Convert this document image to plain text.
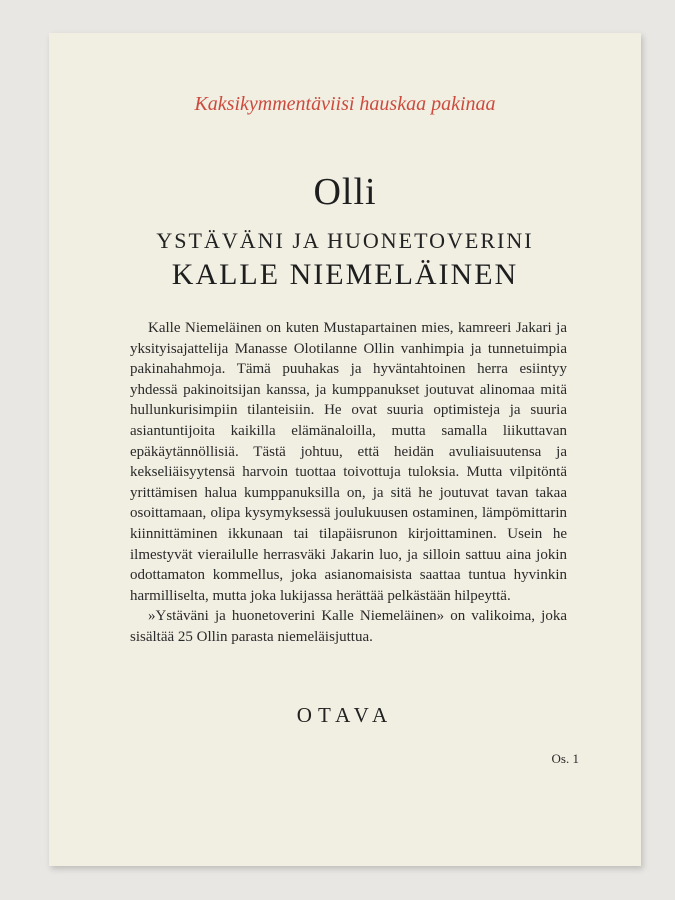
Kaksikymmentäviisi hauskaa pakinaa
Olli
YSTÄVÄNI JA HUONETOVERINI
KALLE NIEMELÄINEN

Kalle Niemeläinen on kuten Mustapartainen mies, kamreeri Jakari ja yksityisajattelija Manasse Olotilanne Ollin vanhimpia ja tunnetuimpia pakinahahmoja. Tämä puuhakas ja hyväntahtoinen herra esiintyy yhdessä pakinoitsijan kanssa, ja kumppanukset joutuvat alinomaa mitä hullunkurisimpiin tilanteisiin. He ovat suuria optimisteja ja suuria asiantuntijoita kaikilla elämänaloilla, mutta samalla liikuttavan epäkäytännöllisiä. Tästä johtuu, että heidän avuliaisuutensa ja kekseliäisyytensä harvoin tuottaa toivottuja tuloksia. Mutta vilpitöntä yrittämisen halua kumppanuksilla on, ja sitä he joutuvat tavan takaa osoittamaan, olipa kysymyksessä joulukuusen ostaminen, lämpömittarin kiinnittäminen ikkunaan tai tilapäisrunon kirjoittaminen. Usein he ilmestyvät vierailulle herrasväki Jakarin luo, ja silloin sattuu aina jokin odottamaton kommellus, joka asianomaisista saattaa tuntua hyvinkin harmilliselta, mutta joka lukijassa herättää pelkästään hilpeyttä.

»Ystäväni ja huonetoverini Kalle Niemeläinen» on valikoima, joka sisältää 25 Ollin parasta niemeläisjuttua.

OTAVA
Os. 1
